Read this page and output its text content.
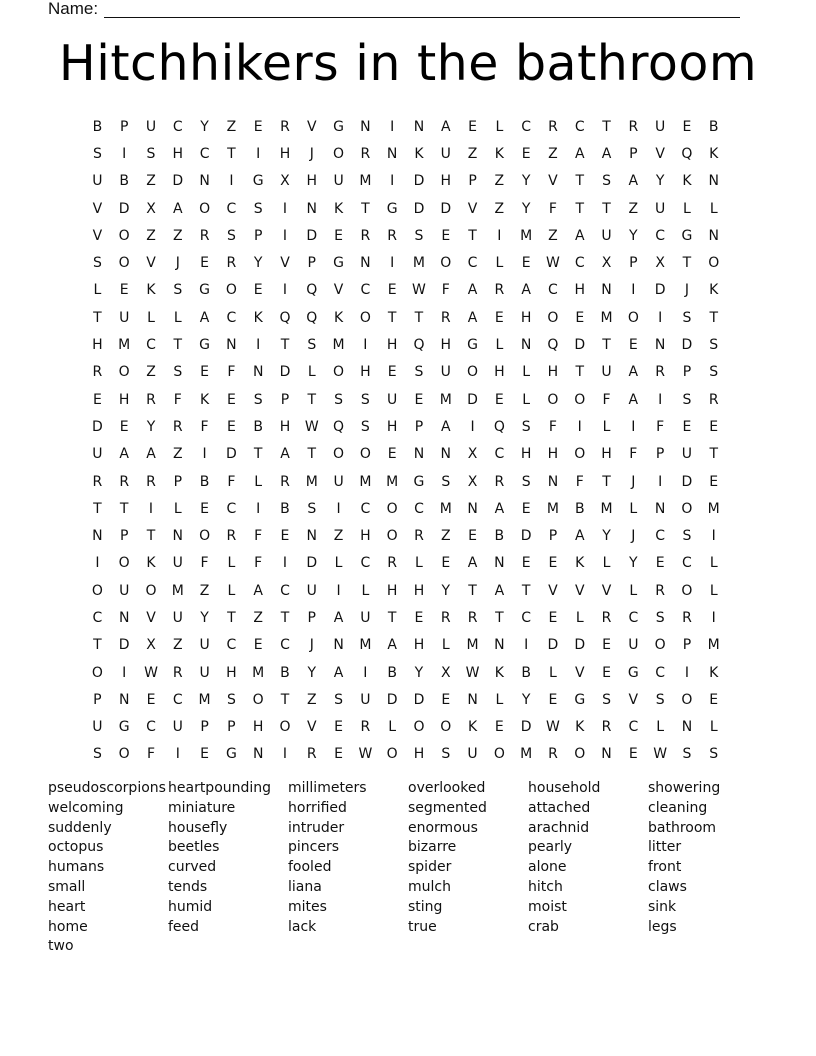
Name:
Hitchhikers in the bathroom
B	P	U	C	Y	Z	E	R	V	G	N	I	N	A	E	L	C	R	C	T	R	U	E	B
S	I	S	H	C	T	I	H	J	O	R	N	K	U	Z	K	E	Z	A	A	P	V	Q	K
U	B	Z	D	N	I	G	X	H	U	M	I	D	H	P	Z	Y	V	T	S	A	Y	K	N
V	D	X	A	O	C	S	I	N	K	T	G	D	D	V	Z	Y	F	T	T	Z	U	L	L
V	O	Z	Z	R	S	P	I	D	E	R	R	S	E	T	I	M	Z	A	U	Y	C	G	N
S	O	V	J	E	R	Y	V	P	G	N	I	M	O	C	L	E	W	C	X	P	X	T	O
L	E	K	S	G	O	E	I	Q	V	C	E	W	F	A	R	A	C	H	N	I	D	J	K
T	U	L	L	A	C	K	Q	Q	K	O	T	T	R	A	E	H	O	E	M	O	I	S	T
H	M	C	T	G	N	I	T	S	M	I	H	Q	H	G	L	N	Q	D	T	E	N	D	S
R	O	Z	S	E	F	N	D	L	O	H	E	S	U	O	H	L	H	T	U	A	R	P	S
E	H	R	F	K	E	S	P	T	S	S	U	E	M	D	E	L	O	O	F	A	I	S	R
D	E	Y	R	F	E	B	H	W	Q	S	H	P	A	I	Q	S	F	I	L	I	F	E	E
U	A	A	Z	I	D	T	A	T	O	O	E	N	N	X	C	H	H	O	H	F	P	U	T
R	R	R	P	B	F	L	R	M	U	M	M	G	S	X	R	S	N	F	T	J	I	D	E
T	T	I	L	E	C	I	B	S	I	C	O	C	M	N	A	E	M	B	M	L	N	O	M
N	P	T	N	O	R	F	E	N	Z	H	O	R	Z	E	B	D	P	A	Y	J	C	S	I
I	O	K	U	F	L	F	I	D	L	C	R	L	E	A	N	E	E	K	L	Y	E	C	L
O	U	O	M	Z	L	A	C	U	I	L	H	H	Y	T	A	T	V	V	V	L	R	O	L
C	N	V	U	Y	T	Z	T	P	A	U	T	E	R	R	T	C	E	L	R	C	S	R	I
T	D	X	Z	U	C	E	C	J	N	M	A	H	L	M	N	I	D	D	E	U	O	P	M
O	I	W	R	U	H	M	B	Y	A	I	B	Y	X	W	K	B	L	V	E	G	C	I	K
P	N	E	C	M	S	O	T	Z	S	U	D	D	E	N	L	Y	E	G	S	V	S	O	E
U	G	C	U	P	P	H	O	V	E	R	L	O	O	K	E	D	W	K	R	C	L	N	L
S	O	F	I	E	G	N	I	R	E	W	O	H	S	U	O	M	R	O	N	E	W	S	S
pseudoscorpions
welcoming
suddenly
octopus
humans
small
heart
home
two
heartpounding
miniature
housefly
beetles
curved
tends
humid
feed
millimeters
horrified
intruder
pincers
fooled
liana
mites
lack
overlooked
segmented
enormous
bizarre
spider
mulch
sting
true
household
attached
arachnid
pearly
alone
hitch
moist
crab
showering
cleaning
bathroom
litter
front
claws
sink
legs
